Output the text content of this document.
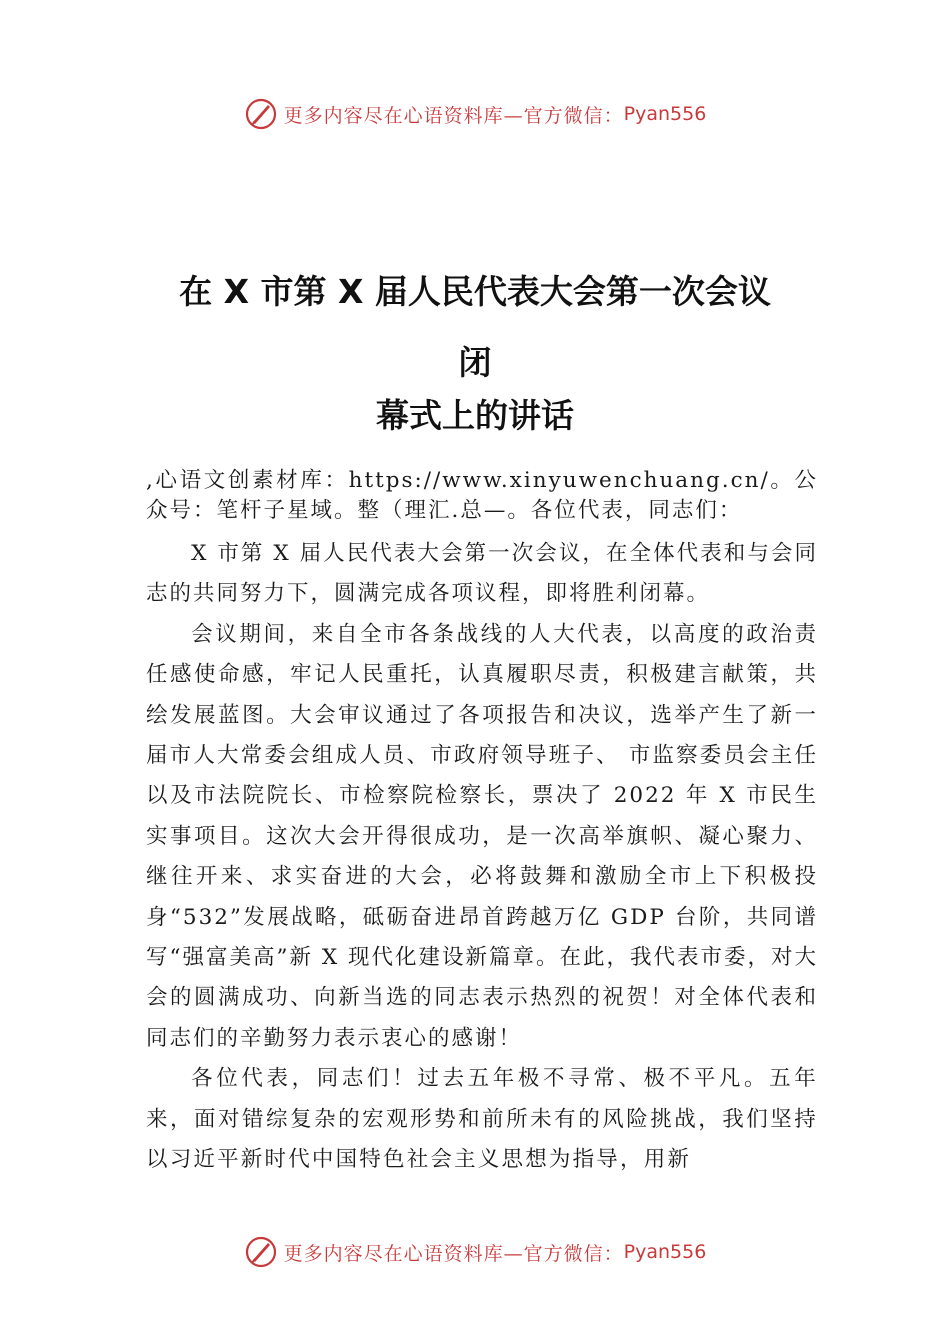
更多内容尽在心语资料库—官方微信： Pyan556
在 X 市第 X 届人民代表大会第一次会议
闭
幕式上的讲话

,心语文创素材库：https://www.xinyuwenchuang.cn/。公众号：笔杆子星域。整（理汇.总—。各位代表，同志们：

X 市第 X 届人民代表大会第一次会议，在全体代表和与会同志的共同努力下，圆满完成各项议程，即将胜利闭幕。

会议期间，来自全市各条战线的人大代表，以高度的政治责任感使命感，牢记人民重托，认真履职尽责，积极建言献策，共绘发展蓝图。大会审议通过了各项报告和决议，选举产生了新一届市人大常委会组成人员、市政府领导班子、 市监察委员会主任以及市法院院长、市检察院检察长，票决了 2022 年 X 市民生实事项目。这次大会开得很成功，是一次高举旗帜、凝心聚力、继往开来、求实奋进的大会，必将鼓舞和激励全市上下积极投身“532”发展战略，砥砺奋进昂首跨越万亿 GDP 台阶，共同谱写“强富美高”新 X 现代化建设新篇章。在此，我代表市委，对大会的圆满成功、向新当选的同志表示热烈的祝贺！对全体代表和同志们的辛勤努力表示衷心的感谢！

各位代表，同志们！过去五年极不寻常、极不平凡。五年来，面对错综复杂的宏观形势和前所未有的风险挑战，我们坚持以习近平新时代中国特色社会主义思想为指导，用新

更多内容尽在心语资料库—官方微信： Pyan556
